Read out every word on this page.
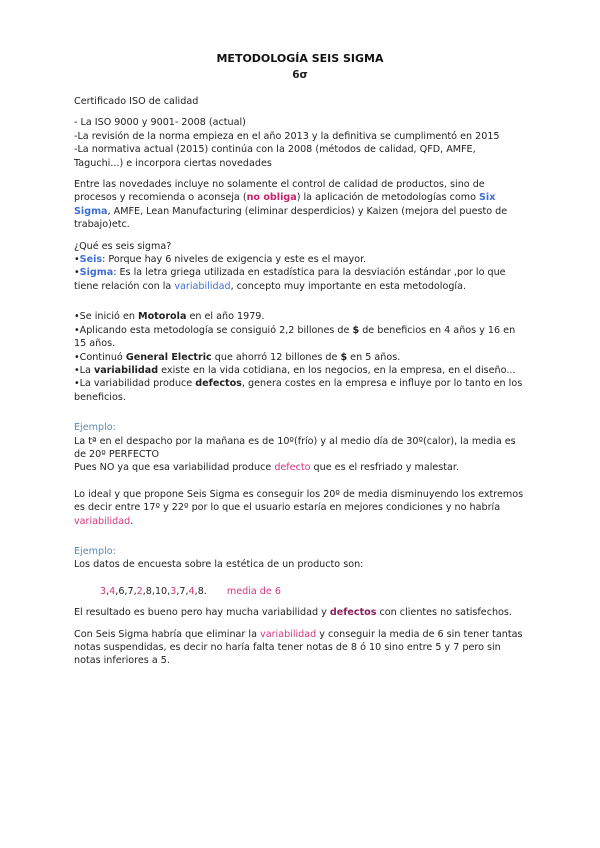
METODOLOGÍA SEIS SIGMA
6σ

Certificado ISO de calidad

- La ISO 9000 y 9001- 2008 (actual)

-La revisión de la norma empieza en el año 2013 y la definitiva se cumplimentó en 2015

-La normativa actual (2015) continúa con la 2008 (métodos de calidad, QFD, AMFE, Taguchi...) e incorpora ciertas novedades

Entre las novedades incluye no solamente el control de calidad de productos, sino de procesos y recomienda o aconseja (no obliga) la aplicación de metodologías como Six Sigma, AMFE, Lean Manufacturing (eliminar desperdicios) y Kaizen (mejora del puesto de trabajo)etc.

¿Qué es seis sigma?

•Seis: Porque hay 6 niveles de exigencia y este es el mayor.

•Sigma: Es la letra griega utilizada en estadística para la desviación estándar ,por lo que tiene relación con la variabilidad, concepto muy importante en esta metodología.

•Se inició en Motorola en el año 1979.

•Aplicando esta metodología se consiguió 2,2 billones de $ de beneficios en 4 años y 16 en 15 años.

•Continuó General Electric que ahorró 12 billones de $ en 5 años.

•La variabilidad existe en la vida cotidiana, en los negocios, en la empresa, en el diseño...

•La variabilidad produce defectos, genera costes en la empresa e influye por lo tanto en los beneficios.

Ejemplo:

La tª en el despacho por la mañana es de 10º(frío) y al medio día de 30º(calor), la media es de 20º PERFECTO

Pues NO ya que esa variabilidad produce defecto que es el resfriado y malestar.

Lo ideal y que propone Seis Sigma es conseguir los 20º de media disminuyendo los extremos es decir entre 17º y 22º por lo que el usuario estaría en mejores condiciones y no habría variabilidad.

Ejemplo:

Los datos de encuesta sobre la estética de un producto son:

3,4,6,7,2,8,10,3,7,4,8. media de 6

El resultado es bueno pero hay mucha variabilidad y defectos con clientes no satisfechos.

Con Seis Sigma habría que eliminar la variabilidad y conseguir la media de 6 sin tener tantas notas suspendidas, es decir no haría falta tener notas de 8 ó 10 sino entre 5 y 7 pero sin notas inferiores a 5.
